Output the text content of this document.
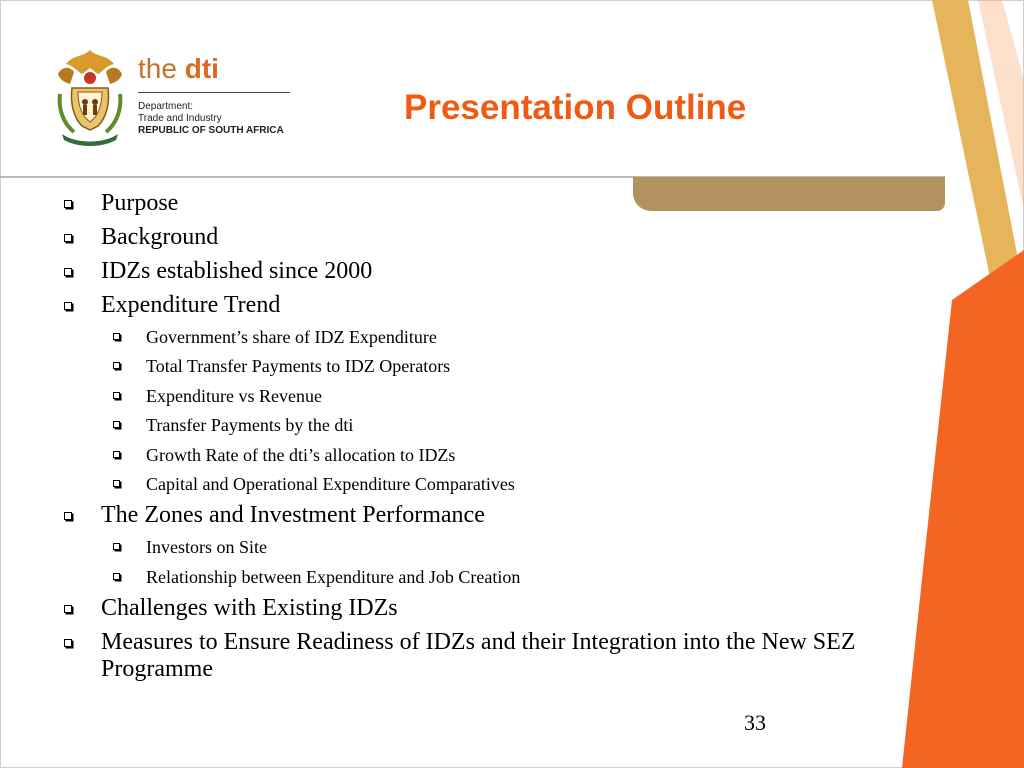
the dti
Department:
Trade and Industry
REPUBLIC OF SOUTH AFRICA
Presentation Outline
Purpose
Background
IDZs established since 2000
Expenditure Trend
Government’s share of IDZ Expenditure
Total Transfer Payments to IDZ Operators
Expenditure vs Revenue
Transfer Payments by the dti
Growth Rate of the dti’s allocation to IDZs
Capital and Operational Expenditure Comparatives
The Zones and Investment Performance
Investors on Site
Relationship between Expenditure and Job Creation
Challenges with Existing IDZs
Measures to Ensure Readiness of IDZs and their Integration into the New SEZ Programme
33
